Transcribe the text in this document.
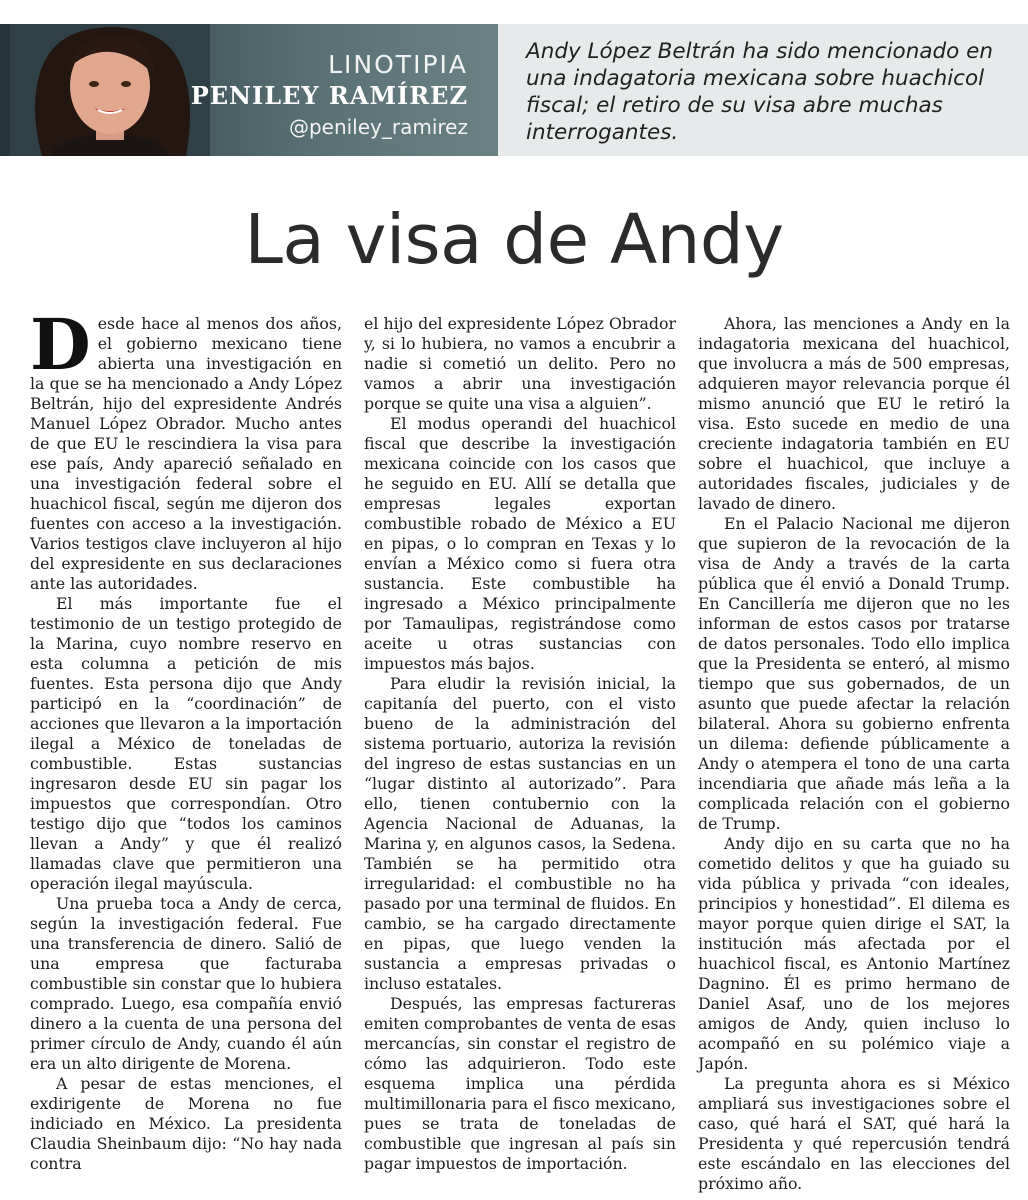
LINOTIPIA
PENILEY RAMÍREZ
@peniley_ramirez
Andy López Beltrán ha sido mencionado en una indagatoria mexicana sobre huachicol fiscal; el retiro de su visa abre muchas interrogantes.
La visa de Andy

Desde hace al menos dos años, el gobierno mexicano tiene abierta una investigación en la que se ha mencionado a Andy López Beltrán, hijo del expresidente Andrés Manuel López Obrador. Mucho antes de que EU le rescindiera la visa para ese país, Andy apareció señalado en una investigación federal sobre el huachicol fiscal, según me dijeron dos fuentes con acceso a la investigación. Varios testigos clave incluyeron al hijo del expresidente en sus declaraciones ante las autoridades.

El más importante fue el testimonio de un testigo protegido de la Marina, cuyo nombre reservo en esta columna a petición de mis fuentes. Esta persona dijo que Andy participó en la “coordinación” de acciones que llevaron a la importación ilegal a México de toneladas de combustible. Estas sustancias ingresaron desde EU sin pagar los impuestos que correspondían. Otro testigo dijo que “todos los caminos llevan a Andy” y que él realizó llamadas clave que permitieron una operación ilegal mayúscula.

Una prueba toca a Andy de cerca, según la investigación federal. Fue una transferencia de dinero. Salió de una empresa que facturaba combustible sin constar que lo hubiera comprado. Luego, esa compañía envió dinero a la cuenta de una persona del primer círculo de Andy, cuando él aún era un alto dirigente de Morena.

A pesar de estas menciones, el exdirigente de Morena no fue indiciado en México. La presidenta Claudia Sheinbaum dijo: “No hay nada contra

el hijo del expresidente López Obrador y, si lo hubiera, no vamos a encubrir a nadie si cometió un delito. Pero no vamos a abrir una investigación porque se quite una visa a alguien”.

El modus operandi del huachicol fiscal que describe la investigación mexicana coincide con los casos que he seguido en EU. Allí se detalla que empresas legales exportan combustible robado de México a EU en pipas, o lo compran en Texas y lo envían a México como si fuera otra sustancia. Este combustible ha ingresado a México principalmente por Tamaulipas, registrándose como aceite u otras sustancias con impuestos más bajos.

Para eludir la revisión inicial, la capitanía del puerto, con el visto bueno de la administración del sistema portuario, autoriza la revisión del ingreso de estas sustancias en un “lugar distinto al autorizado”. Para ello, tienen contubernio con la Agencia Nacional de Aduanas, la Marina y, en algunos casos, la Sedena. También se ha permitido otra irregularidad: el combustible no ha pasado por una terminal de fluidos. En cambio, se ha cargado directamente en pipas, que luego venden la sustancia a empresas privadas o incluso estatales.

Después, las empresas factureras emiten comprobantes de venta de esas mercancías, sin constar el registro de cómo las adquirieron. Todo este esquema implica una pérdida multimillonaria para el fisco mexicano, pues se trata de toneladas de combustible que ingresan al país sin pagar impuestos de importación.

Ahora, las menciones a Andy en la indagatoria mexicana del huachicol, que involucra a más de 500 empresas, adquieren mayor relevancia porque él mismo anunció que EU le retiró la visa. Esto sucede en medio de una creciente indagatoria también en EU sobre el huachicol, que incluye a autoridades fiscales, judiciales y de lavado de dinero.

En el Palacio Nacional me dijeron que supieron de la revocación de la visa de Andy a través de la carta pública que él envió a Donald Trump. En Cancillería me dijeron que no les informan de estos casos por tratarse de datos personales. Todo ello implica que la Presidenta se enteró, al mismo tiempo que sus gobernados, de un asunto que puede afectar la relación bilateral. Ahora su gobierno enfrenta un dilema: defiende públicamente a Andy o atempera el tono de una carta incendiaria que añade más leña a la complicada relación con el gobierno de Trump.

Andy dijo en su carta que no ha cometido delitos y que ha guiado su vida pública y privada “con ideales, principios y honestidad”. El dilema es mayor porque quien dirige el SAT, la institución más afectada por el huachicol fiscal, es Antonio Martínez Dagnino. Él es primo hermano de Daniel Asaf, uno de los mejores amigos de Andy, quien incluso lo acompañó en su polémico viaje a Japón.

La pregunta ahora es si México ampliará sus investigaciones sobre el caso, qué hará el SAT, qué hará la Presidenta y qué repercusión tendrá este escándalo en las elecciones del próximo año.
